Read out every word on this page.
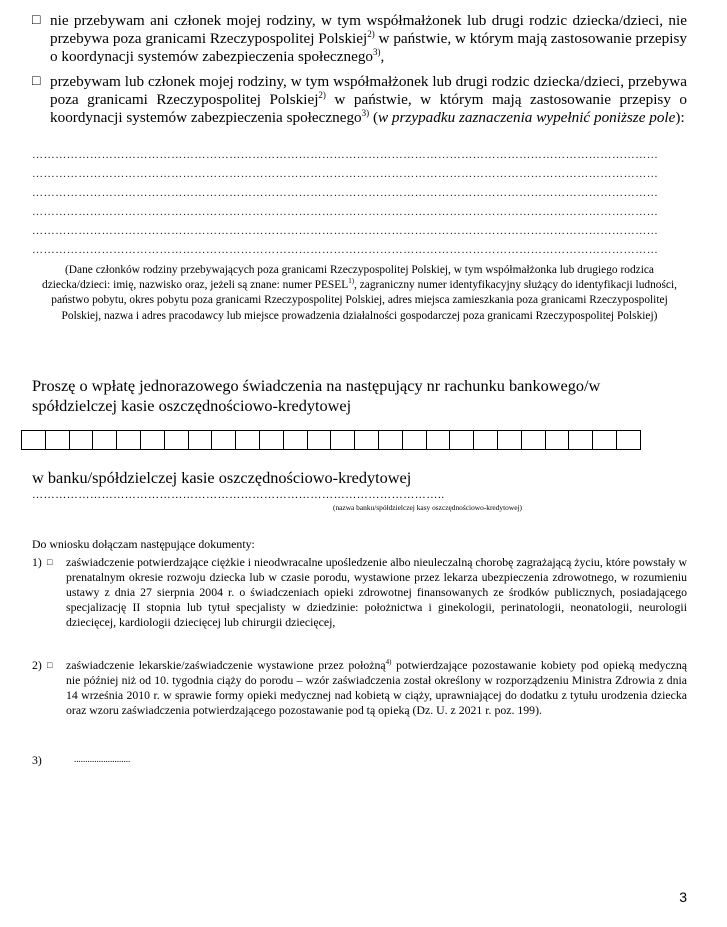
□ nie przebywam ani członek mojej rodziny, w tym współmałżonek lub drugi rodzic dziecka/dzieci, nie przebywa poza granicami Rzeczypospolitej Polskiej$^{2)}$ w państwie, w którym mają zastosowanie przepisy o koordynacji systemów zabezpieczenia społecznego$^{3)}$,
□ przebywam lub członek mojej rodziny, w tym współmałżonek lub drugi rodzic dziecka/dzieci, przebywa poza granicami Rzeczypospolitej Polskiej$^{2)}$ w państwie, w którym mają zastosowanie przepisy o koordynacji systemów zabezpieczenia społecznego$^{3)}$ (w przypadku zaznaczenia wypełnić poniższe pole):
………………………………………………………………………………………………………………………………………………
………………………………………………………………………………………………………………………………………………
………………………………………………………………………………………………………………………………………………
………………………………………………………………………………………………………………………………………………
………………………………………………………………………………………………………………………………………………
………………………………………………………………………………………………………………………………………………
(Dane członków rodziny przebywających poza granicami Rzeczypospolitej Polskiej, w tym współmałżonka lub drugiego rodzica dziecka/dzieci: imię, nazwisko oraz, jeżeli są znane: numer PESEL$^{1)}$, zagraniczny numer identyfikacyjny służący do identyfikacji ludności, państwo pobytu, okres pobytu poza granicami Rzeczypospolitej Polskiej, adres miejsca zamieszkania poza granicami Rzeczypospolitej Polskiej, nazwa i adres pracodawcy lub miejsce prowadzenia działalności gospodarczej poza granicami Rzeczypospolitej Polskiej)
Proszę o wpłatę jednorazowego świadczenia na następujący nr rachunku bankowego/w spółdzielczej kasie oszczędnościowo-kredytowej
w banku/spółdzielczej kasie oszczędnościowo-kredytowej
……………………………………………………………………………………………..
(nazwa banku/spółdzielczej kasy oszczędnościowo-kredytowej)
Do wniosku dołączam następujące dokumenty:
1) □ zaświadczenie potwierdzające ciężkie i nieodwracalne upośledzenie albo nieuleczalną chorobę zagrażającą życiu, które powstały w prenatalnym okresie rozwoju dziecka lub w czasie porodu, wystawione przez lekarza ubezpieczenia zdrowotnego, w rozumieniu ustawy z dnia 27 sierpnia 2004 r. o świadczeniach opieki zdrowotnej finansowanych ze środków publicznych, posiadającego specjalizację II stopnia lub tytuł specjalisty w dziedzinie: położnictwa i ginekologii, perinatologii, neonatologii, neurologii dziecięcej, kardiologii dziecięcej lub chirurgii dziecięcej,
2) □ zaświadczenie lekarskie/zaświadczenie wystawione przez położną$^{4)}$ potwierdzające pozostawanie kobiety pod opieką medyczną nie później niż od 10. tygodnia ciąży do porodu – wzór zaświadczenia został określony w rozporządzeniu Ministra Zdrowia z dnia 14 września 2010 r. w sprawie formy opieki medycznej nad kobietą w ciąży, uprawniającej do dodatku z tytułu urodzenia dziecka oraz wzoru zaświadczenia potwierdzającego pozostawanie pod tą opieką (Dz. U. z 2021 r. poz. 199).
3)	.........................
3
